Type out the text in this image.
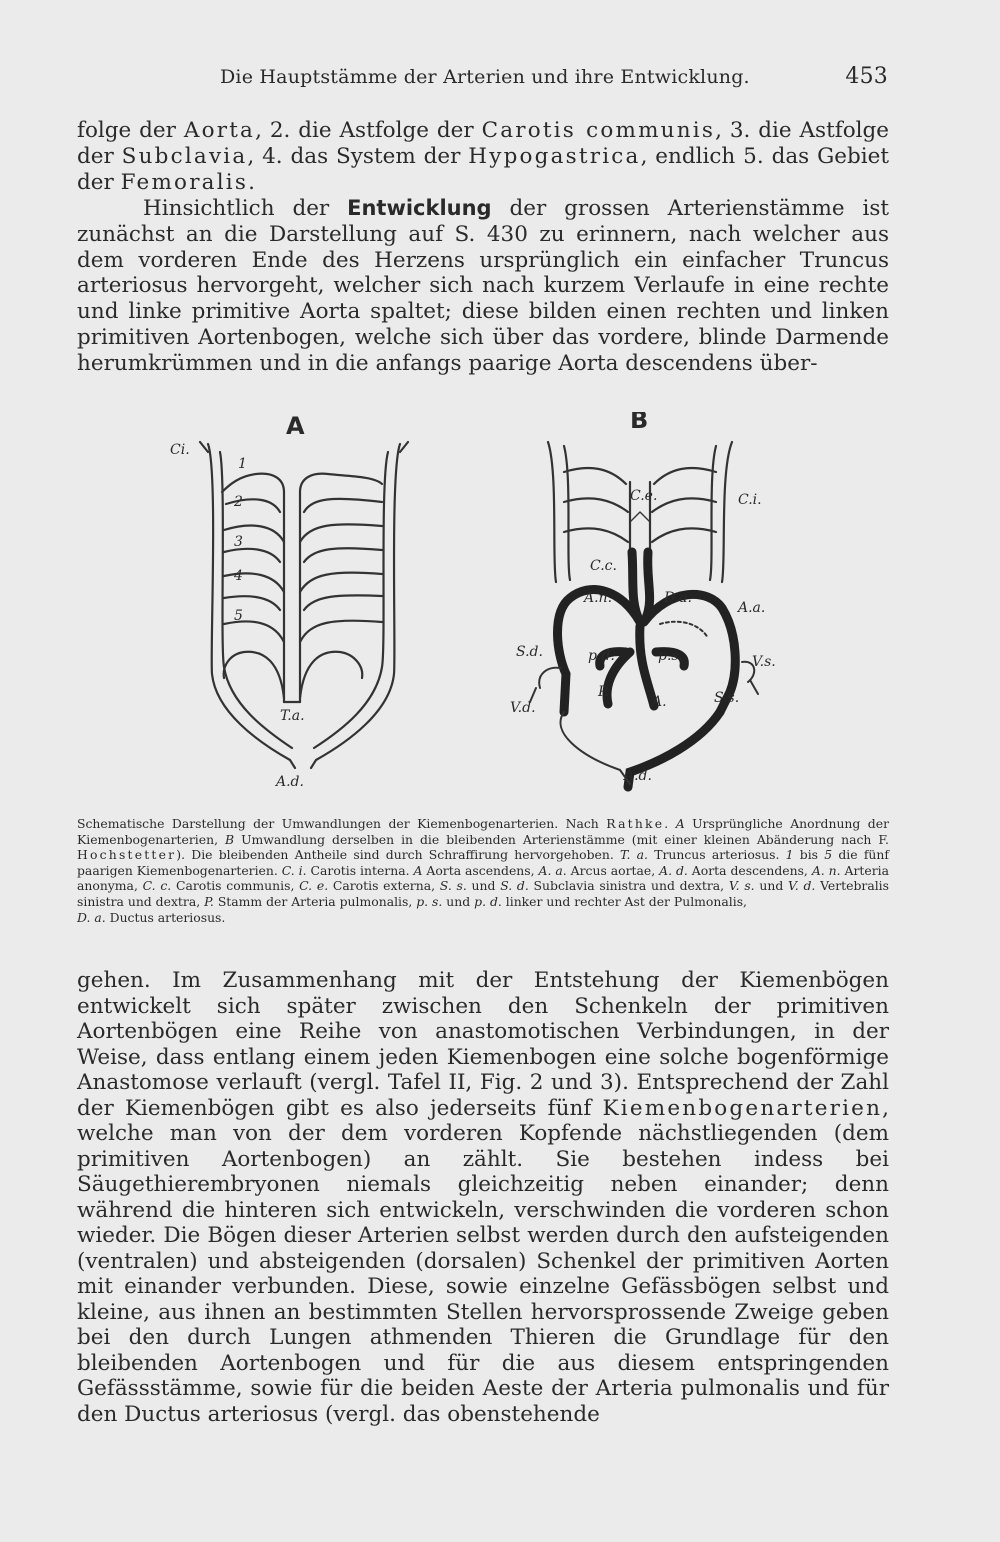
Die Hauptstämme der Arterien und ihre Entwicklung.	453

folge der Aorta, 2. die Astfolge der Carotis communis, 3. die Astfolge der Subclavia, 4. das System der Hypogastrica, endlich 5. das Gebiet der Femoralis.

Hinsichtlich der Entwicklung der grossen Arterienstämme ist zunächst an die Darstellung auf S. 430 zu erinnern, nach welcher aus dem vorderen Ende des Herzens ursprünglich ein einfacher Truncus arteriosus hervorgeht, welcher sich nach kurzem Verlaufe in eine rechte und linke primitive Aorta spaltet; diese bilden einen rechten und linken primitiven Aortenbogen, welche sich über das vordere, blinde Darmende herumkrümmen und in die anfangs paarige Aorta descendens über-

A	B
Ci.
1
2
3
4
5
T.a.
A.d.
C.e.	C.i.
C.c.
A.n.	D.a.
A.a.
S.d.	p.d.	p.s.	V.s.
V.d.
P.
A.	S.s.
A.d.
Schematische Darstellung der Umwandlungen der Kiemenbogenarterien. Nach Rathke. A Ursprüngliche Anordnung der Kiemenbogenarterien, B Umwandlung derselben in die bleibenden Arterienstämme (mit einer kleinen Abänderung nach F. Hochstetter). Die bleibenden Antheile sind durch Schraffirung hervorgehoben. T. a. Truncus arteriosus. 1 bis 5 die fünf paarigen Kiemenbogenarterien. C. i. Carotis interna. A Aorta ascendens, A. a. Arcus aortae, A. d. Aorta descendens, A. n. Arteria anonyma, C. c. Carotis communis, C. e. Carotis externa, S. s. und S. d. Subclavia sinistra und dextra, V. s. und V. d. Vertebralis sinistra und dextra, P. Stamm der Arteria pulmonalis, p. s. und p. d. linker und rechter Ast der Pulmonalis,
D. a. Ductus arteriosus.

gehen. Im Zusammenhang mit der Entstehung der Kiemenbögen entwickelt sich später zwischen den Schenkeln der primitiven Aortenbögen eine Reihe von anastomotischen Verbindungen, in der Weise, dass entlang einem jeden Kiemenbogen eine solche bogenförmige Anastomose verlauft (vergl. Tafel II, Fig. 2 und 3). Entsprechend der Zahl der Kiemenbögen gibt es also jederseits fünf Kiemenbogenarterien, welche man von der dem vorderen Kopfende nächstliegenden (dem primitiven Aortenbogen) an zählt. Sie bestehen indess bei Säugethierembryonen niemals gleichzeitig neben einander; denn während die hinteren sich entwickeln, verschwinden die vorderen schon wieder. Die Bögen dieser Arterien selbst werden durch den aufsteigenden (ventralen) und absteigenden (dorsalen) Schenkel der primitiven Aorten mit einander verbunden. Diese, sowie einzelne Gefässbögen selbst und kleine, aus ihnen an bestimmten Stellen hervorsprossende Zweige geben bei den durch Lungen athmenden Thieren die Grundlage für den bleibenden Aortenbogen und für die aus diesem entspringenden Gefässstämme, sowie für die beiden Aeste der Arteria pulmonalis und für den Ductus arteriosus (vergl. das obenstehende
